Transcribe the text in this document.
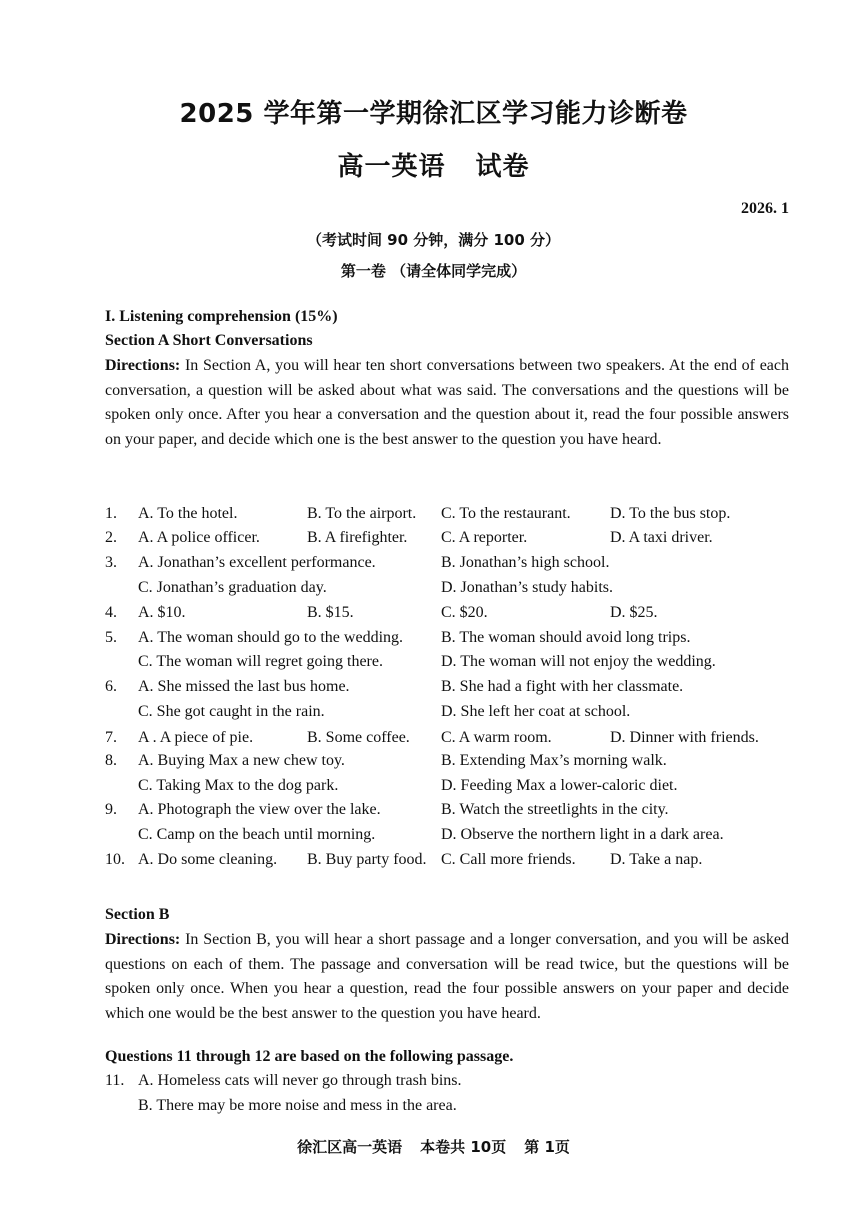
2025 学年第一学期徐汇区学习能力诊断卷
高一英语 试卷
2026. 1
（考试时间 90 分钟，满分 100 分）
第一卷 （请全体同学完成）
I. Listening comprehension (15%)
Section A Short Conversations
Directions: In Section A, you will hear ten short conversations between two speakers. At the end of each conversation, a question will be asked about what was said. The conversations and the questions will be spoken only once. After you hear a conversation and the question about it, read the four possible answers on your paper, and decide which one is the best answer to the question you have heard.
1. A. To the hotel.	B. To the airport. C. To the restaurant. D. To the bus stop.
2. A. A police officer.	B. A firefighter. C. A reporter.	D. A taxi driver.
3. A. Jonathan’s excellent performance.	B. Jonathan’s high school.
C. Jonathan’s graduation day.	D. Jonathan’s study habits.
4. A. $10.	B. $15.	C. $20.	D. $25.
5. A. The woman should go to the wedding. B. The woman should avoid long trips.
C. The woman will regret going there.	D. The woman will not enjoy the wedding.
6. A. She missed the last bus home.	B. She had a fight with her classmate.
C. She got caught in the rain.	D. She left her coat at school.
7. A . A piece of pie.	B. Some coffee. C. A warm room.	D. Dinner with friends.
8. A. Buying Max a new chew toy.	B. Extending Max’s morning walk.
C. Taking Max to the dog park.	D. Feeding Max a lower-caloric diet.
9. A. Photograph the view over the lake.	B. Watch the streetlights in the city.
C. Camp on the beach until morning.	D. Observe the northern light in a dark area.
10. A. Do some cleaning. B. Buy party food. C. Call more friends. D. Take a nap.
Section B
Directions: In Section B, you will hear a short passage and a longer conversation, and you will be asked questions on each of them. The passage and conversation will be read twice, but the questions will be spoken only once. When you hear a question, read the four possible answers on your paper and decide which one would be the best answer to the question you have heard.
Questions 11 through 12 are based on the following passage.
11. A. Homeless cats will never go through trash bins.
B. There may be more noise and mess in the area.
徐汇区高一英语 本卷共 10页 第 1页
